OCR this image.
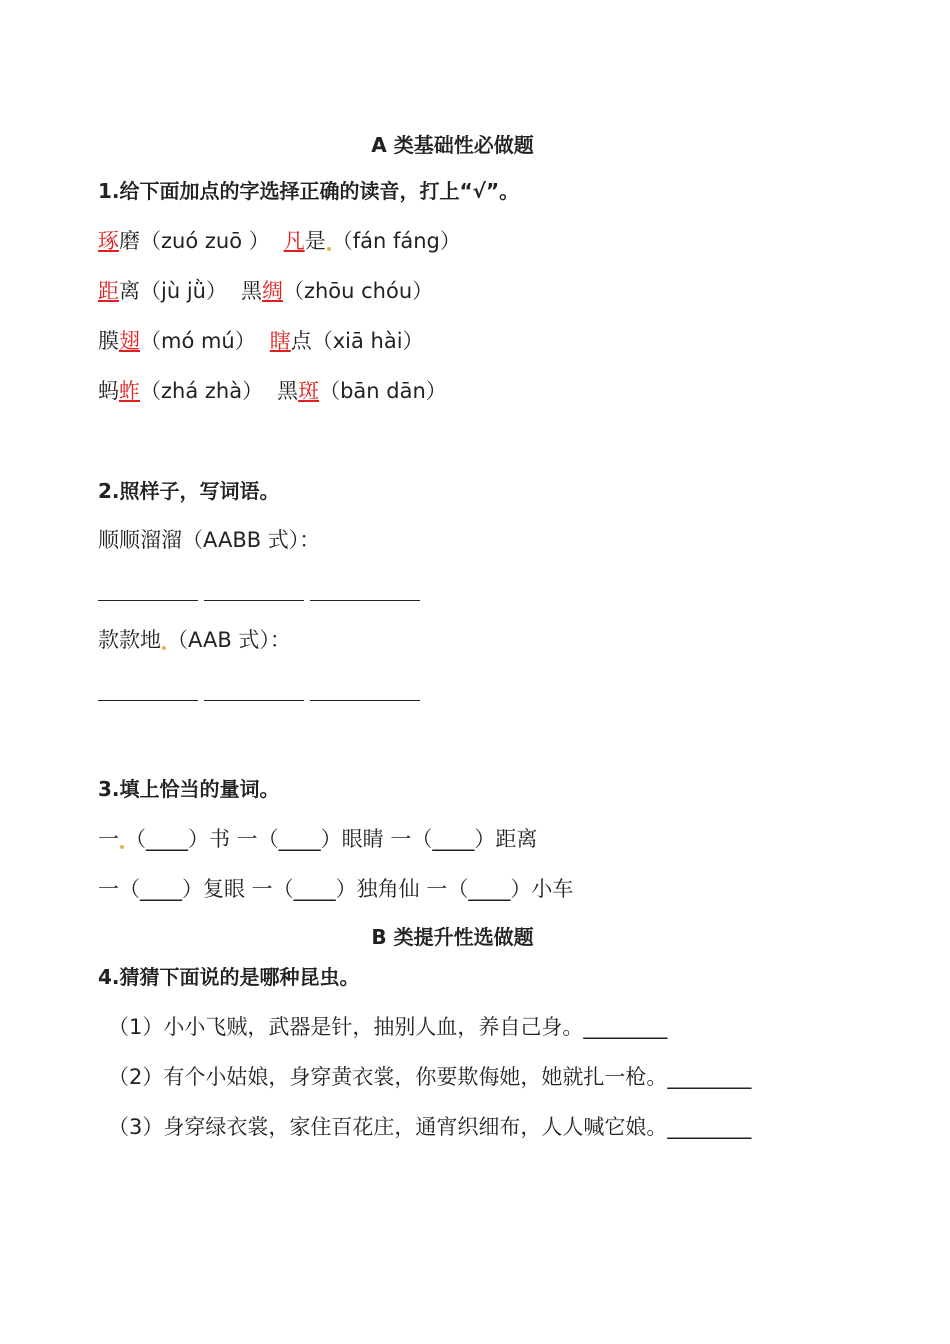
A 类基础性必做题
1.给下面加点的字选择正确的读音，打上“√”。
琢磨（zuó zuō ） 凡是 （fán fáng）
距离（jù jǜ） 黑绸（zhōu chóu）
膜翅（mó mú） 瞎点（xiā hài）
蚂蚱（zhá zhà） 黑斑（bān dān）
2.照样子，写词语。
顺顺溜溜（AABB 式）：
款款地 （AAB 式）：
3.填上恰当的量词。
一 （____）书 一（____）眼睛 一（____）距离
一（____）复眼 一（____）独角仙 一（____）小车
B 类提升性选做题
4.猜猜下面说的是哪种昆虫。
（1）小小飞贼，武器是针，抽别人血，养自己身。________
（2）有个小姑娘，身穿黄衣裳，你要欺侮她，她就扎一枪。________
（3）身穿绿衣裳，家住百花庄，通宵织细布，人人喊它娘。________
